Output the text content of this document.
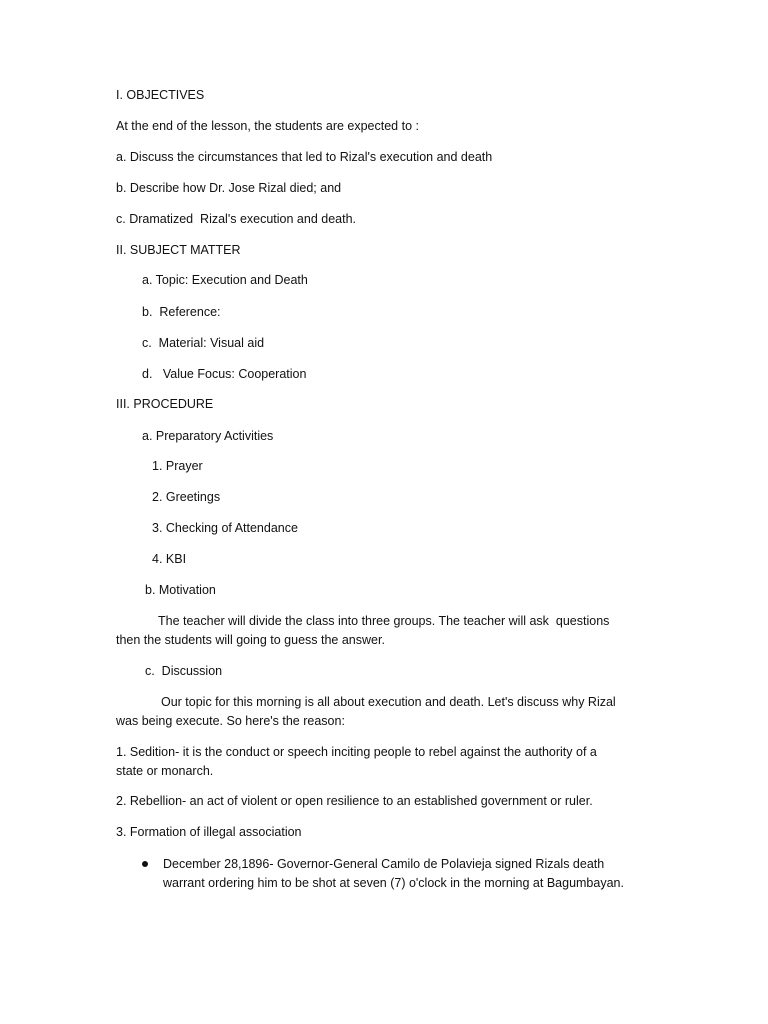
I. OBJECTIVES
At the end of the lesson, the students are expected to :
a. Discuss the circumstances that led to Rizal's execution and death
b. Describe how Dr. Jose Rizal died; and
c. Dramatized  Rizal's execution and death.
II. SUBJECT MATTER
a. Topic: Execution and Death
b.  Reference:
c.  Material: Visual aid
d.   Value Focus: Cooperation
III. PROCEDURE
a. Preparatory Activities
1. Prayer
2. Greetings
3. Checking of Attendance
4. KBI
b. Motivation
The teacher will divide the class into three groups. The teacher will ask  questions
then the students will going to guess the answer.
c.  Discussion
Our topic for this morning is all about execution and death. Let's discuss why Rizal
was being execute. So here's the reason:
1. Sedition- it is the conduct or speech inciting people to rebel against the authority of a
state or monarch.
2. Rebellion- an act of violent or open resilience to an established government or ruler.
3. Formation of illegal association
December 28,1896- Governor-General Camilo de Polavieja signed Rizals death
warrant ordering him to be shot at seven (7) o'clock in the morning at Bagumbayan.
